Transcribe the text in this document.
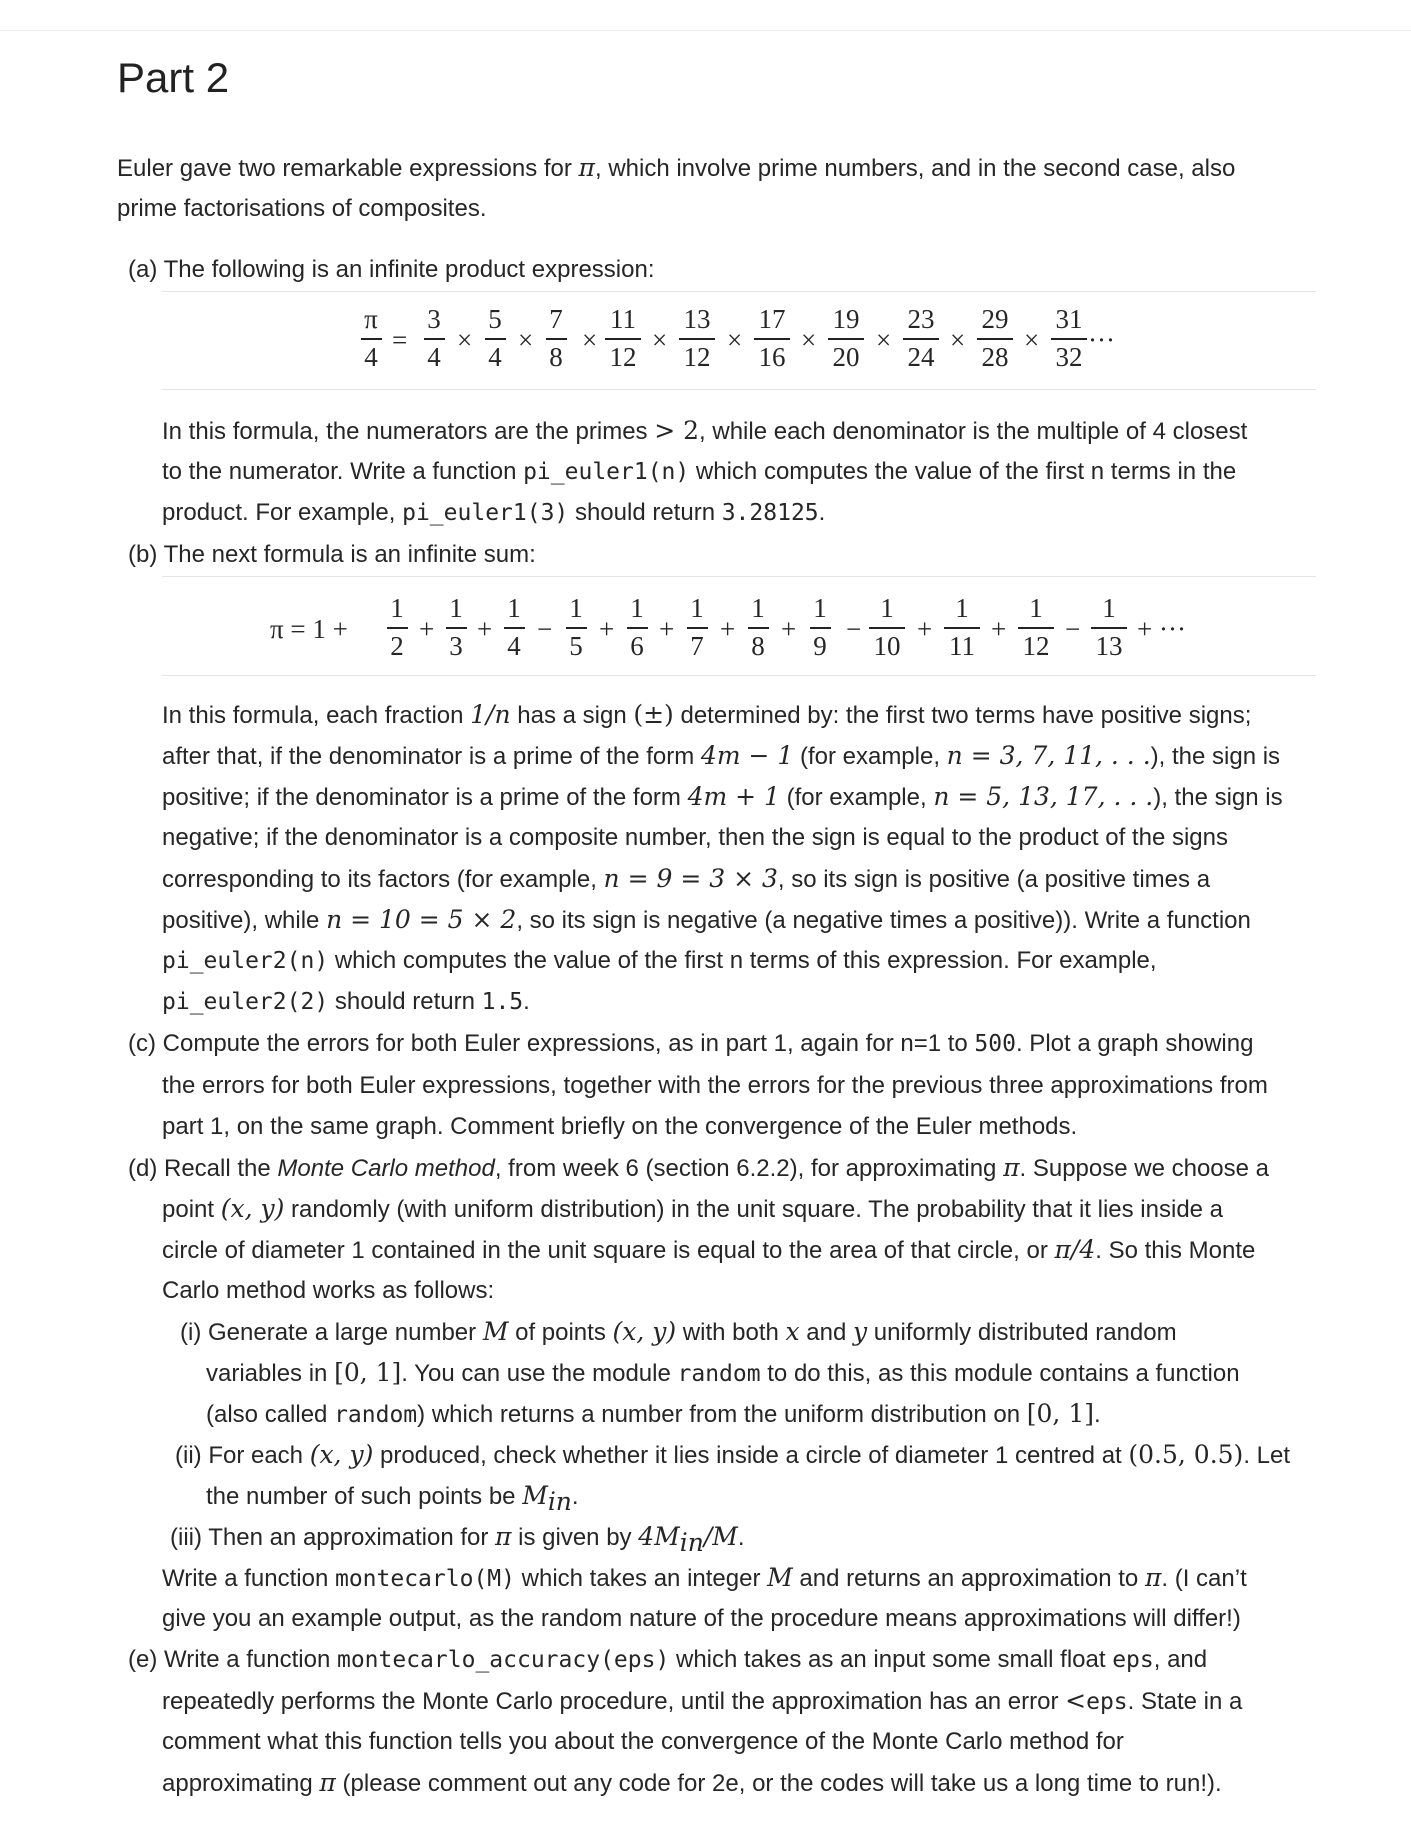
Part 2
Euler gave two remarkable expressions for π, which involve prime numbers, and in the second case, also
prime factorisations of composites.
(a) The following is an infinite product expression:
π
4
=
3
4
×
5
4
×
7
8
×
11
12
×
13
12
×
17
16
×
19
20
×
23
24
×
29
28
×
31
32
···
In this formula, the numerators are the primes > 2, while each denominator is the multiple of 4 closest
to the numerator. Write a function pi_euler1(n) which computes the value of the first n terms in the
product. For example, pi_euler1(3) should return 3.28125.
(b) The next formula is an infinite sum:
π = 1 +
1
2
+
1
3
+
1
4
−
1
5
+
1
6
+
1
7
+
1
8
+
1
9
−
1
10
+
1
11
+
1
12
−
1
13
+ ···
In this formula, each fraction 1/n has a sign (±) determined by: the first two terms have positive signs;
after that, if the denominator is a prime of the form 4m − 1 (for example, n = 3, 7, 11, . . .), the sign is
positive; if the denominator is a prime of the form 4m + 1 (for example, n = 5, 13, 17, . . .), the sign is
negative; if the denominator is a composite number, then the sign is equal to the product of the signs
corresponding to its factors (for example, n = 9 = 3 × 3, so its sign is positive (a positive times a
positive), while n = 10 = 5 × 2, so its sign is negative (a negative times a positive)). Write a function
pi_euler2(n) which computes the value of the first n terms of this expression. For example,
pi_euler2(2) should return 1.5.
(c) Compute the errors for both Euler expressions, as in part 1, again for n=1 to 500. Plot a graph showing
the errors for both Euler expressions, together with the errors for the previous three approximations from
part 1, on the same graph. Comment briefly on the convergence of the Euler methods.
(d) Recall the Monte Carlo method, from week 6 (section 6.2.2), for approximating π. Suppose we choose a
point (x, y) randomly (with uniform distribution) in the unit square. The probability that it lies inside a
circle of diameter 1 contained in the unit square is equal to the area of that circle, or π/4. So this Monte
Carlo method works as follows:
(i) Generate a large number M of points (x, y) with both x and y uniformly distributed random
variables in [0, 1]. You can use the module random to do this, as this module contains a function
(also called random) which returns a number from the uniform distribution on [0, 1].
(ii) For each (x, y) produced, check whether it lies inside a circle of diameter 1 centred at (0.5, 0.5). Let
the number of such points be $M_{in}$.
(iii) Then an approximation for π is given by $4M_{in}/M$.
Write a function montecarlo(M) which takes an integer M and returns an approximation to π. (I can’t
give you an example output, as the random nature of the procedure means approximations will differ!)
(e) Write a function montecarlo_accuracy(eps) which takes as an input some small float eps, and
repeatedly performs the Monte Carlo procedure, until the approximation has an error <eps. State in a
comment what this function tells you about the convergence of the Monte Carlo method for
approximating π (please comment out any code for 2e, or the codes will take us a long time to run!).
